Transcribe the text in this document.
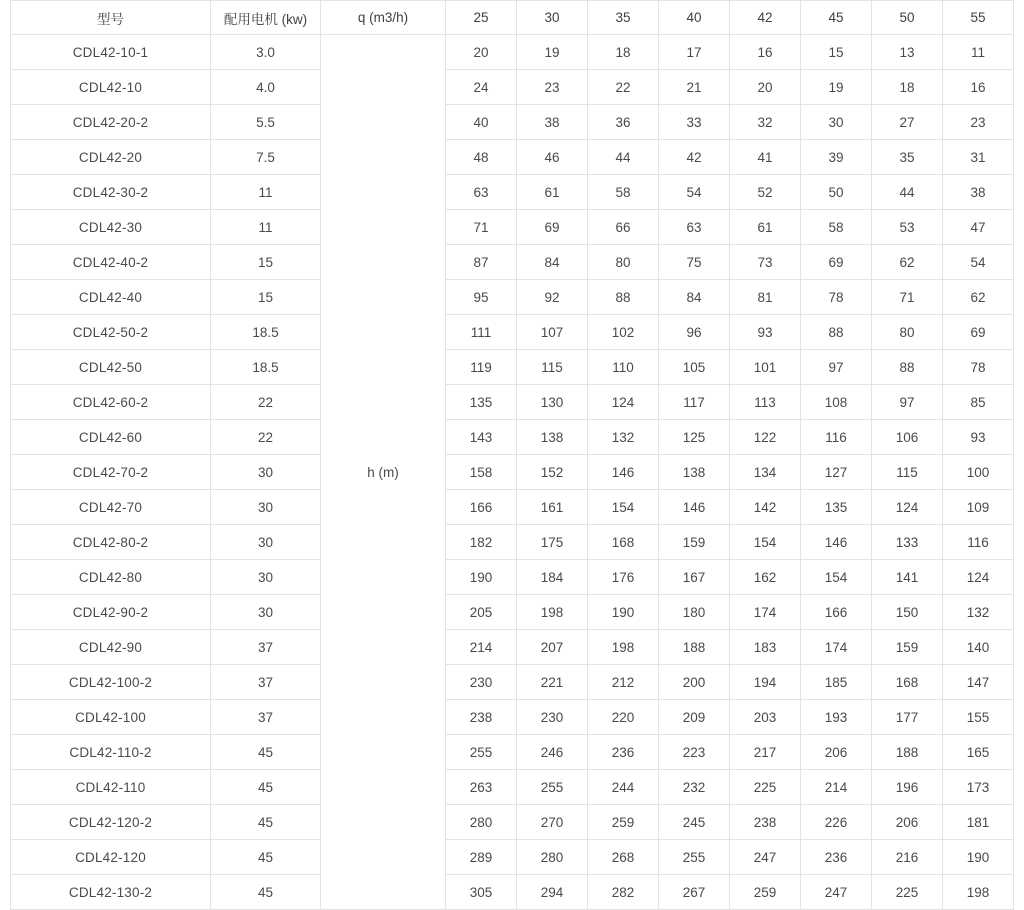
型号	配用电机 (kw)	q (m3/h)	25	30	35	40	42	45	50	55
CDL42-10-1	3.0	h (m)	20	19	18	17	16	15	13	11
CDL42-10	4.0		24	23	22	21	20	19	18	16
CDL42-20-2	5.5		40	38	36	33	32	30	27	23
CDL42-20	7.5		48	46	44	42	41	39	35	31
CDL42-30-2	11		63	61	58	54	52	50	44	38
CDL42-30	11		71	69	66	63	61	58	53	47
CDL42-40-2	15		87	84	80	75	73	69	62	54
CDL42-40	15		95	92	88	84	81	78	71	62
CDL42-50-2	18.5		111	107	102	96	93	88	80	69
CDL42-50	18.5		119	115	110	105	101	97	88	78
CDL42-60-2	22		135	130	124	117	113	108	97	85
CDL42-60	22		143	138	132	125	122	116	106	93
CDL42-70-2	30		158	152	146	138	134	127	115	100
CDL42-70	30		166	161	154	146	142	135	124	109
CDL42-80-2	30		182	175	168	159	154	146	133	116
CDL42-80	30		190	184	176	167	162	154	141	124
CDL42-90-2	30		205	198	190	180	174	166	150	132
CDL42-90	37		214	207	198	188	183	174	159	140
CDL42-100-2	37		230	221	212	200	194	185	168	147
CDL42-100	37		238	230	220	209	203	193	177	155
CDL42-110-2	45		255	246	236	223	217	206	188	165
CDL42-110	45		263	255	244	232	225	214	196	173
CDL42-120-2	45		280	270	259	245	238	226	206	181
CDL42-120	45		289	280	268	255	247	236	216	190
CDL42-130-2	45		305	294	282	267	259	247	225	198
